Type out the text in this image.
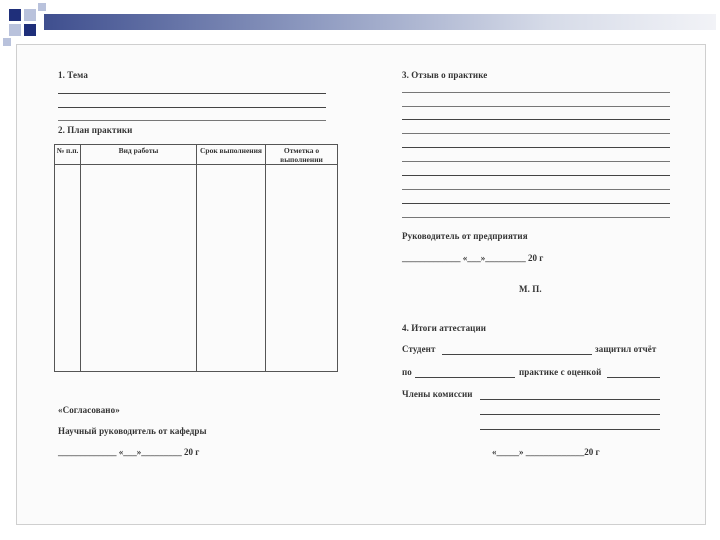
1. Тема
2. План практики
№ п.п.	Вид работы	Срок выполнения	Отметка о выполнении

«Согласовано»
Научный руководитель от кафедры
_____________ «___»_________ 20 г
3. Отзыв о практике
Руководитель от предприятия
_____________ «___»_________ 20 г
М. П.
4. Итоги аттестации
Студент	защитил отчёт
по	практике с оценкой
Члены комиссии
«_____» _____________20 г
